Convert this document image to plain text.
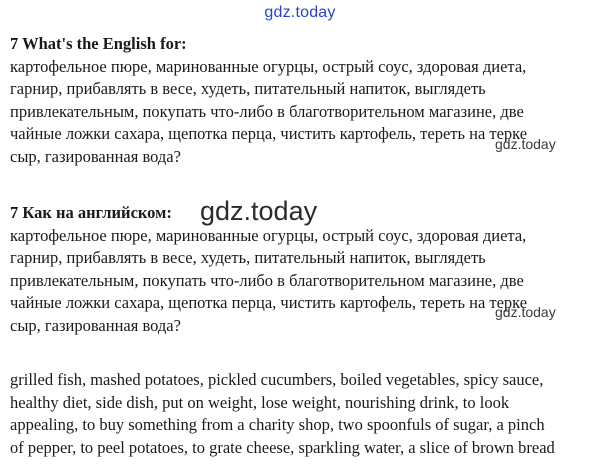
gdz.today
7 What's the English for:
картофельное пюре, маринованные огурцы, острый соус, здоровая диета,
гарнир, прибавлять в весе, худеть, питательный напиток, выглядеть
привлекательным, покупать что-либо в благотворительном магазине, две
чайные ложки сахара, щепотка перца, чистить картофель, тереть на терке
сыр, газированная вода?
gdz.today
7 Как на английском:
картофельное пюре, маринованные огурцы, острый соус, здоровая диета,
гарнир, прибавлять в весе, худеть, питательный напиток, выглядеть
привлекательным, покупать что-либо в благотворительном магазине, две
чайные ложки сахара, щепотка перца, чистить картофель, тереть на терке
сыр, газированная вода?
gdz.today
gdz.today
grilled fish, mashed potatoes, pickled cucumbers, boiled vegetables, spicy sauce,
healthy diet, side dish, put on weight, lose weight, nourishing drink, to look
appealing, to buy something from a charity shop, two spoonfuls of sugar, a pinch
of pepper, to peel potatoes, to grate cheese, sparkling water, a slice of brown bread
